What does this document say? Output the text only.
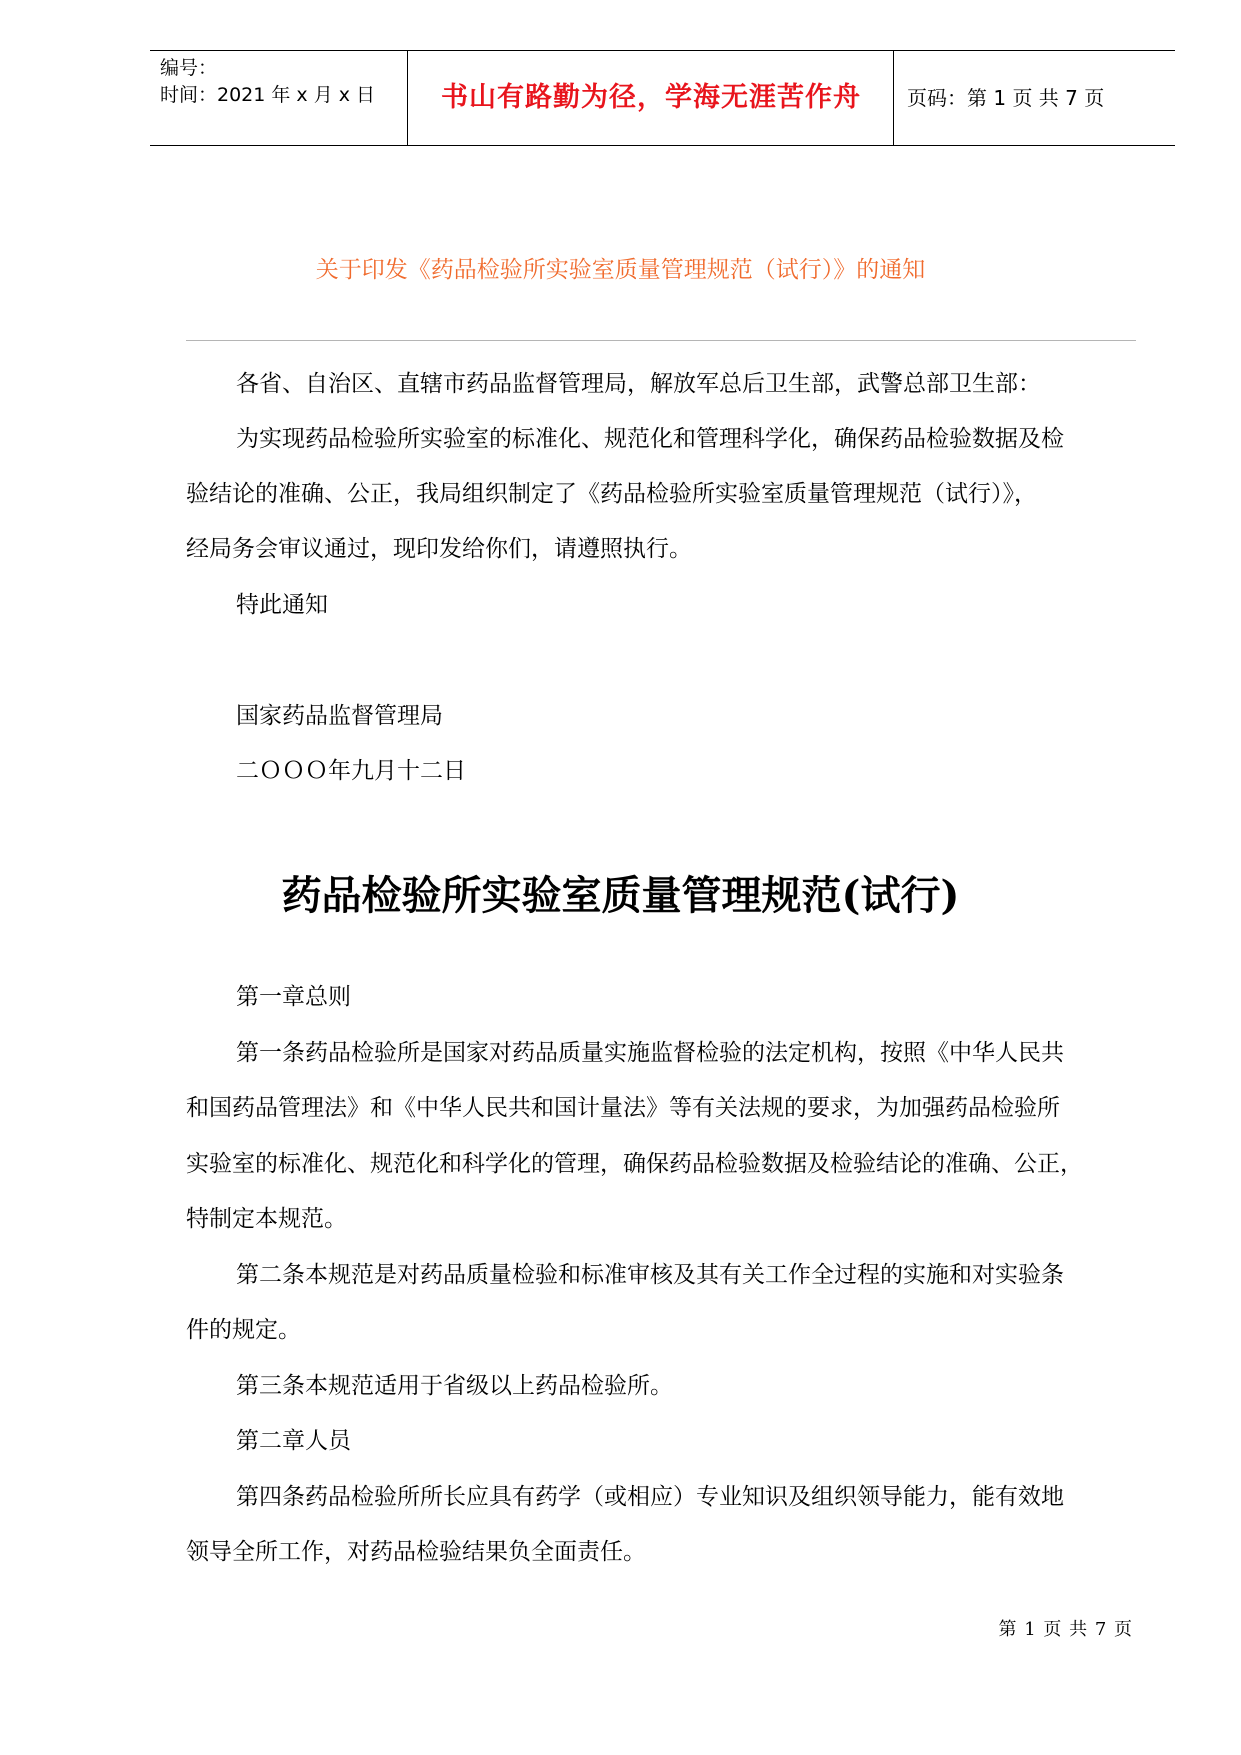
编号：
时间：2021 年 x 月 x 日	书山有路勤为径，学海无涯苦作舟	页码：第 1 页 共 7 页
关于印发《药品检验所实验室质量管理规范（试行）》的通知

各省、自治区、直辖市药品监督管理局，解放军总后卫生部，武警总部卫生部：

为实现药品检验所实验室的标准化、规范化和管理科学化，确保药品检验数据及检

验结论的准确、公正，我局组织制定了《药品检验所实验室质量管理规范（试行）》，

经局务会审议通过，现印发给你们，请遵照执行。

特此通知

国家药品监督管理局

二ＯＯＯ年九月十二日

药品检验所实验室质量管理规范(试行)

第一章总则

第一条药品检验所是国家对药品质量实施监督检验的法定机构，按照《中华人民共

和国药品管理法》和《中华人民共和国计量法》等有关法规的要求，为加强药品检验所

实验室的标准化、规范化和科学化的管理，确保药品检验数据及检验结论的准确、公正，

特制定本规范。

第二条本规范是对药品质量检验和标准审核及其有关工作全过程的实施和对实验条

件的规定。

第三条本规范适用于省级以上药品检验所。

第二章人员

第四条药品检验所所长应具有药学（或相应）专业知识及组织领导能力，能有效地

领导全所工作，对药品检验结果负全面责任。

第 1 页 共 7 页
